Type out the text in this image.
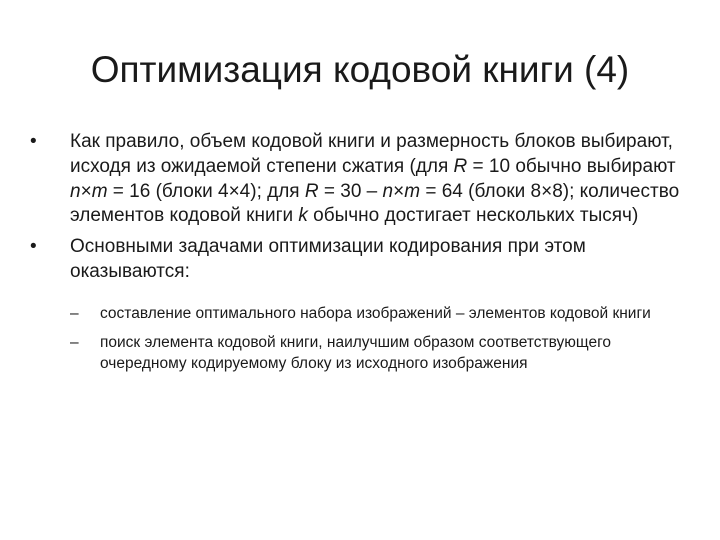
Оптимизация кодовой книги (4)
• Как правило, объем кодовой книги и размерность блоков выбирают, исходя из ожидаемой степени сжатия (для R = 10 обычно выбирают n×m = 16 (блоки 4×4); для R = 30 – n×m = 64 (блоки 8×8); количество элементов кодовой книги k обычно достигает нескольких тысяч)
• Основными задачами оптимизации кодирования при этом оказываются:
– составление оптимального набора изображений – элементов кодовой книги
– поиск элемента кодовой книги, наилучшим образом соответствующего очередному кодируемому блоку из исходного изображения
